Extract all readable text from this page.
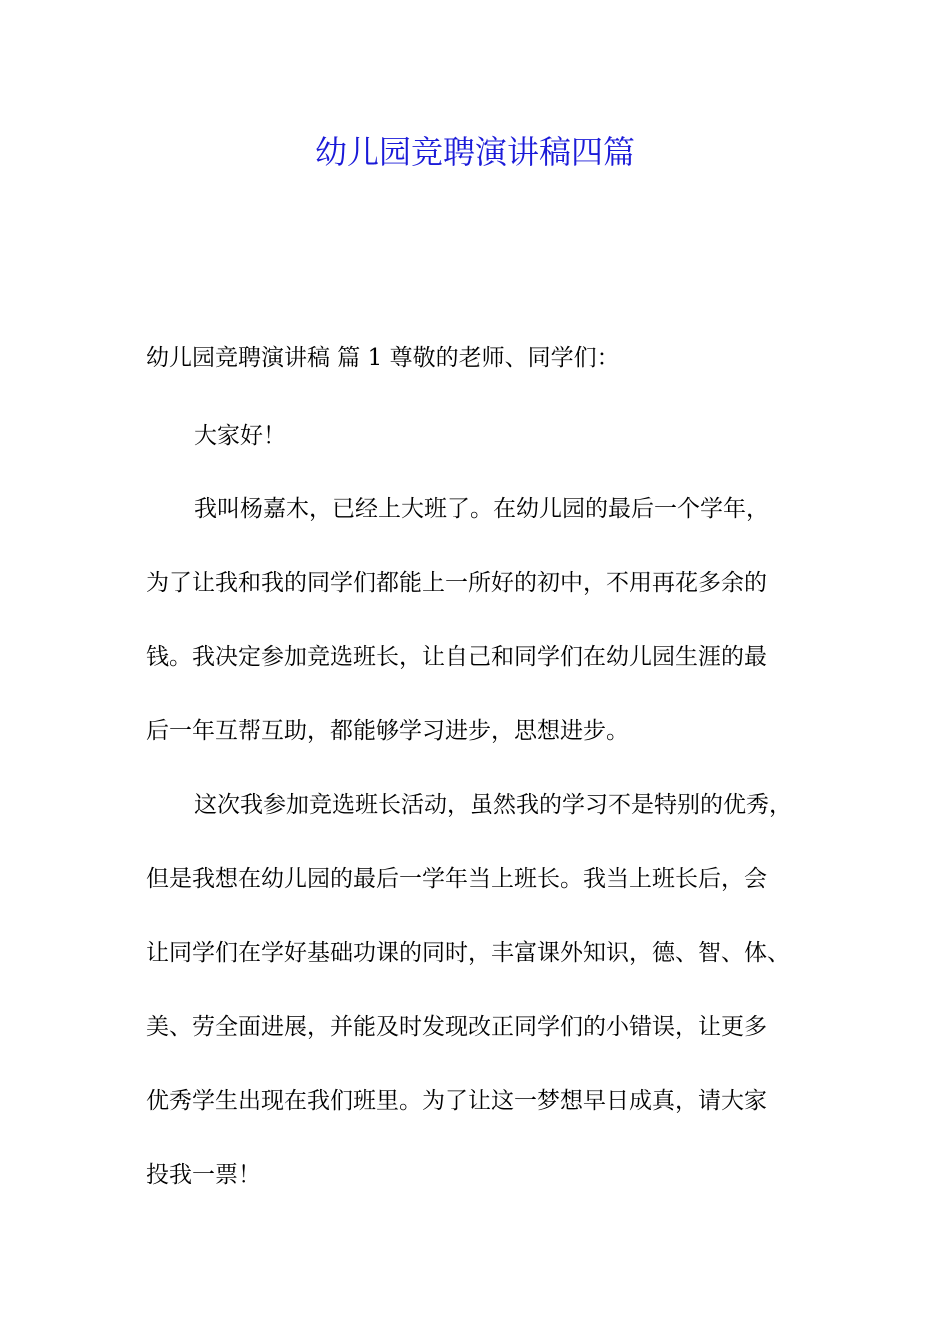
幼儿园竞聘演讲稿四篇
幼儿园竞聘演讲稿 篇 1 尊敬的老师、同学们：
大家好！
我叫杨嘉木，已经上大班了。在幼儿园的最后一个学年，
为了让我和我的同学们都能上一所好的初中，不用再花多余的
钱。我决定参加竞选班长，让自己和同学们在幼儿园生涯的最
后一年互帮互助，都能够学习进步，思想进步。
这次我参加竞选班长活动，虽然我的学习不是特别的优秀，
但是我想在幼儿园的最后一学年当上班长。我当上班长后，会
让同学们在学好基础功课的同时，丰富课外知识，德、智、体、
美、劳全面进展，并能及时发现改正同学们的小错误，让更多
优秀学生出现在我们班里。为了让这一梦想早日成真，请大家
投我一票！
